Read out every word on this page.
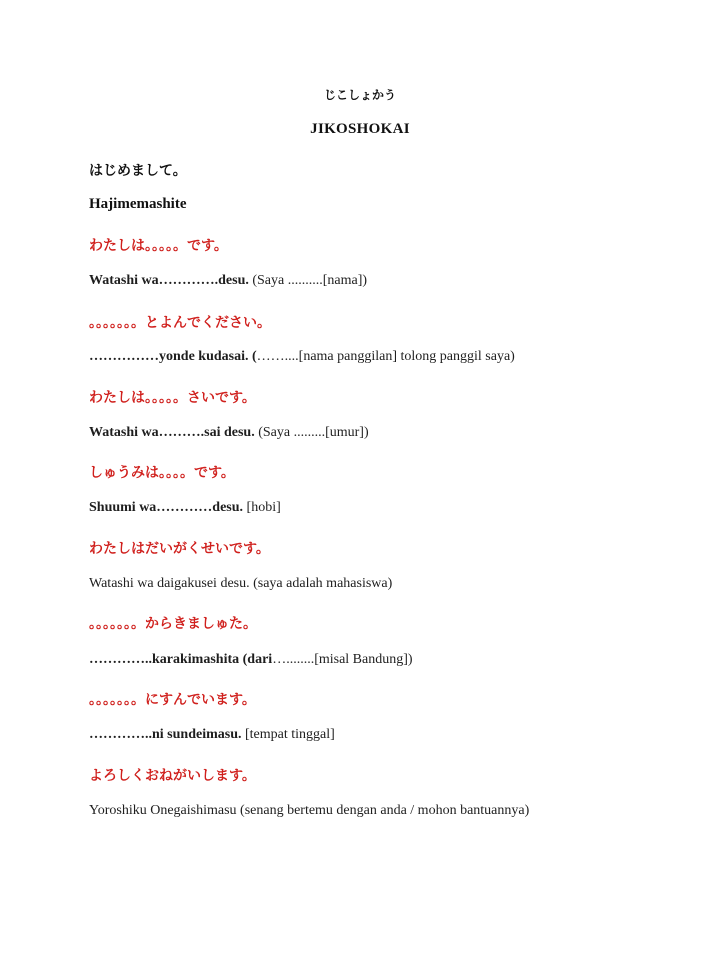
じこしょかう
JIKOSHOKAI
はじめまして。
Hajimemashite
わたしは。。。。。です。
Watashi wa………….desu. (Saya ..........[nama])
。。。。。。。とよんでください。
……………yonde kudasai. (……....[nama panggilan] tolong panggil saya)
わたしは。。。。。さいです。
Watashi wa……….sai desu. (Saya .........[umur])
しゅうみは。。。。です。
Shuumi wa…………desu. [hobi]
わたしはだいがくせいです。
Watashi wa daigakusei desu. (saya adalah mahasiswa)
。。。。。。。からきましゅた。
…………..karakimashita (dari…........[misal Bandung])
。。。。。。。にすんでいます。
…………..ni sundeimasu. [tempat tinggal]
よろしくおねがいします。
Yoroshiku Onegaishimasu (senang bertemu dengan anda / mohon bantuannya)
